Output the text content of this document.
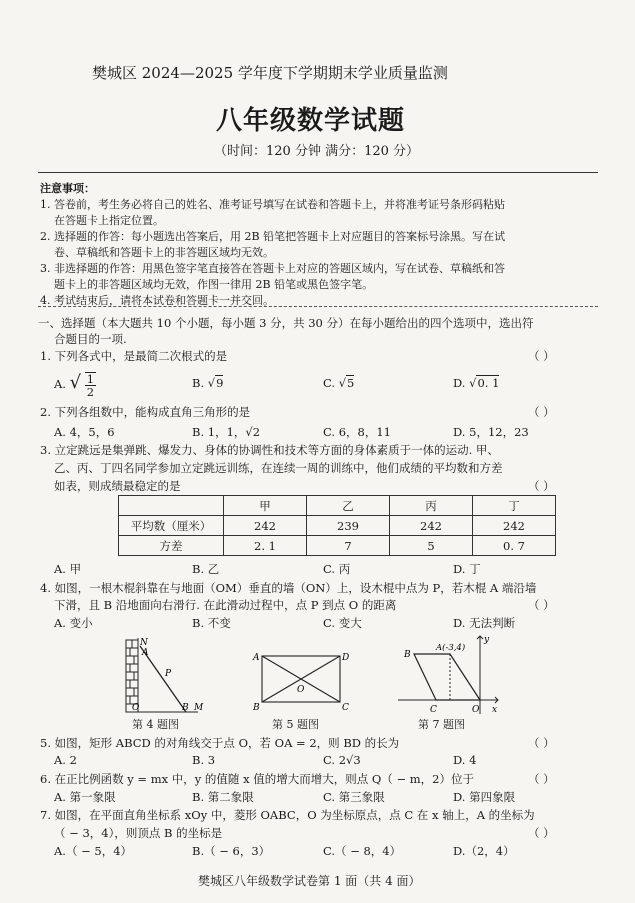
樊城区 2024—2025 学年度下学期期末学业质量监测
八年级数学试题
（时间：120 分钟 满分：120 分）
注意事项：
1. 答卷前，考生务必将自己的姓名、准考证号填写在试卷和答题卡上，并将准考证号条形码粘贴
在答题卡上指定位置。
2. 选择题的作答：每小题选出答案后，用 2B 铅笔把答题卡上对应题目的答案标号涂黑。写在试
卷、草稿纸和答题卡上的非答题区域均无效。
3. 非选择题的作答：用黑色签字笔直接答在答题卡上对应的答题区域内，写在试卷、草稿纸和答
题卡上的非答题区域均无效，作图一律用 2B 铅笔或黑色签字笔。
4. 考试结束后，请将本试卷和答题卡一并交回。
一、选择题（本大题共 10 个小题，每小题 3 分，共 30 分）在每小题给出的四个选项中，选出符
合题目的一项.
1. 下列各式中，是最简二次根式的是	（ ）
A. √ $\frac{1}{2}$	B. √9	C. √5	D. √0. 1
2. 下列各组数中，能构成直角三角形的是	（ ）
A. 4，5，6	B. 1，1，√2	C. 6，8，11	D. 5，12，23
3. 立定跳远是集弹跳、爆发力、身体的协调性和技术等方面的身体素质于一体的运动. 甲、
乙、丙、丁四名同学参加立定跳远训练，在连续一周的训练中，他们成绩的平均数和方差
如表，则成绩最稳定的是	（ ）
	甲	乙	丙	丁
平均数（厘米）	242	239	242	242
方差	2. 1	7	5	0. 7
A. 甲	B. 乙	C. 丙	D. 丁
4. 如图，一根木棍斜靠在与地面（OM）垂直的墙（ON）上，设木棍中点为 P，若木棍 A 端沿墙
下滑，且 B 沿地面向右滑行. 在此滑动过程中，点 P 到点 O 的距离	（ ）
A. 变小	B. 不变	C. 变大	D. 无法判断
N
A
P
O	B M
第 4 题图
A	D
O
B	C
第 5 题图
y
A(-3,4)
B
C	O x
第 7 题图
5. 如图，矩形 ABCD 的对角线交于点 O，若 OA = 2，则 BD 的长为	（ ）
A. 2	B. 3	C. 2√3	D. 4
6. 在正比例函数 y = mx 中，y 的值随 x 值的增大而增大，则点 Q（ − m，2）位于	（ ）
A. 第一象限	B. 第二象限	C. 第三象限	D. 第四象限
7. 如图，在平面直角坐标系 xOy 中，菱形 OABC，O 为坐标原点，点 C 在 x 轴上，A 的坐标为
（ − 3，4），则顶点 B 的坐标是	（ ）
A.（ − 5，4）	B.（ − 6，3）	C.（ − 8，4）	D.（2，4）
樊城区八年级数学试卷第 1 面（共 4 面）
